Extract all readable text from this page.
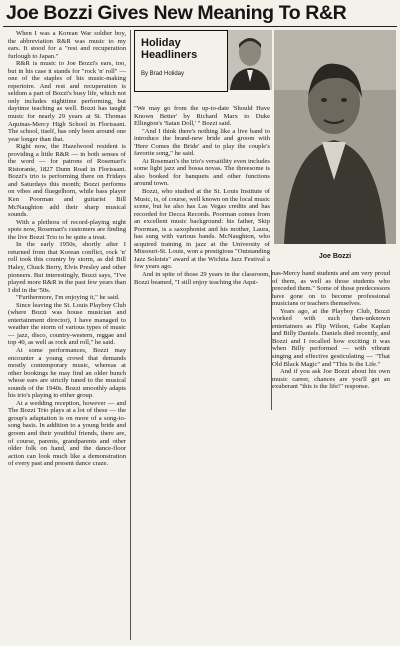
Joe Bozzi Gives New Meaning To R&R

When I was a Korean War soldier boy, the abbreviation R&R was music to my ears. It stood for a "rest and recuperation furlough to Japan."

R&R is music to Joe Bozzi's ears, too, but in his case it stands for "rock 'n' roll" — one of the staples of his music-making repertoire. And rest and recuperation is seldom a part of Bozzi's busy life, which not only includes nighttime performing, but daytime teaching as well. Bozzi has taught music for nearly 29 years at St. Thomas Aquinas-Mercy High School in Florissant. The school, itself, has only been around one year longer than that.

Right now, the Hazelwood resident is providing a little R&R — in both senses of the word — for patrons of Rosemari's Ristorante, 1827 Dunn Road in Florissant. Bozzi's trio is performing there on Fridays and Saturdays this month; Bozzi performs on vibes and fluegelhorn, while bass player Ken Poorman and guitarist Bill McNaughton add their sharp musical sounds.

With a plethora of record-playing night spots now, Rosemari's customers are finding the live Bozzi Trio to be quite a treat.

In the early 1950s, shortly after I returned from that Korean conflict, rock 'n' roll took this country by storm, as did Bill Haley, Chuck Berry, Elvis Presley and other pioneers. But interestingly, Bozzi says, "I've played more R&R in the past few years than I did in the '50s.

"Furthermore, I'm enjoying it," he said.

Since leaving the St. Louis Playboy Club (where Bozzi was house musician and entertainment director), I have managed to weather the storm of various types of music — jazz, disco, country-western, reggae and top 40, as well as rock and roll," he said.

At some performances, Bozzi may encounter a young crowd that demands mostly contemporary music, whereas at other bookings he may find an older bunch whose ears are strictly tuned to the musical sounds of the 1940s. Bozzi smoothly adapts his trio's playing to either group.

At a wedding reception, however — and The Bozzi Trio plays at a lot of these — the group's adaptation is on more of a song-to-song basis. In addition to a young bride and groom and their youthful friends, there are, of course, parents, grandparents and other older folk on hand, and the dance-floor action can look much like a demonstration of every past and present dance craze.

Holiday
Headliners
By Brad Holiday
Joe Bozzi

"We may go from the up-to-date 'Should Have Known Better' by Richard Marx to Duke Ellington's 'Satan Doll,' " Bozzi said.

"And I think there's nothing like a live band to introduce the brand-new bride and groom with 'Here Comes the Bride' and to play the couple's favorite song," he said.

At Rosemari's the trio's versatility even includes some light jazz and bossa novas. The threesome is also booked for banquets and other functions around town.

Bozzi, who studied at the St. Louis Institute of Music, is, of course, well known on the local music scene, but he also has Las Vegas credits and has recorded for Decca Records. Poorman comes from an excellent music background: his father, Skip Poorman, is a saxophonist and his mother, Laura, has sung with various bands. McNaughton, who acquired training in jazz at the University of Missouri-St. Louis, won a prestigious "Outstanding Jazz Soloists" award at the Wichita Jazz Festival a few years ago.

And in spite of those 29 years in the classroom, Bozzi beamed, "I still enjoy teaching the Aqui-

nas-Mercy band students and am very proud of them, as well as those students who preceded them." Some of those predecessors have gone on to become professional musicians or teachers themselves.

Years ago, at the Playboy Club, Bozzi worked with such then-unknown entertainers as Flip Wilson, Gabe Kaplan and Billy Daniels. Daniels died recently, and Bozzi and I recalled how exciting it was when Billy performed — with vibrant singing and effective gesticulating — "That Old Black Magic" and "This Is the Life."

And if you ask Joe Bozzi about his own music career, chances are you'll get an exuberant "this is the life!" response.
